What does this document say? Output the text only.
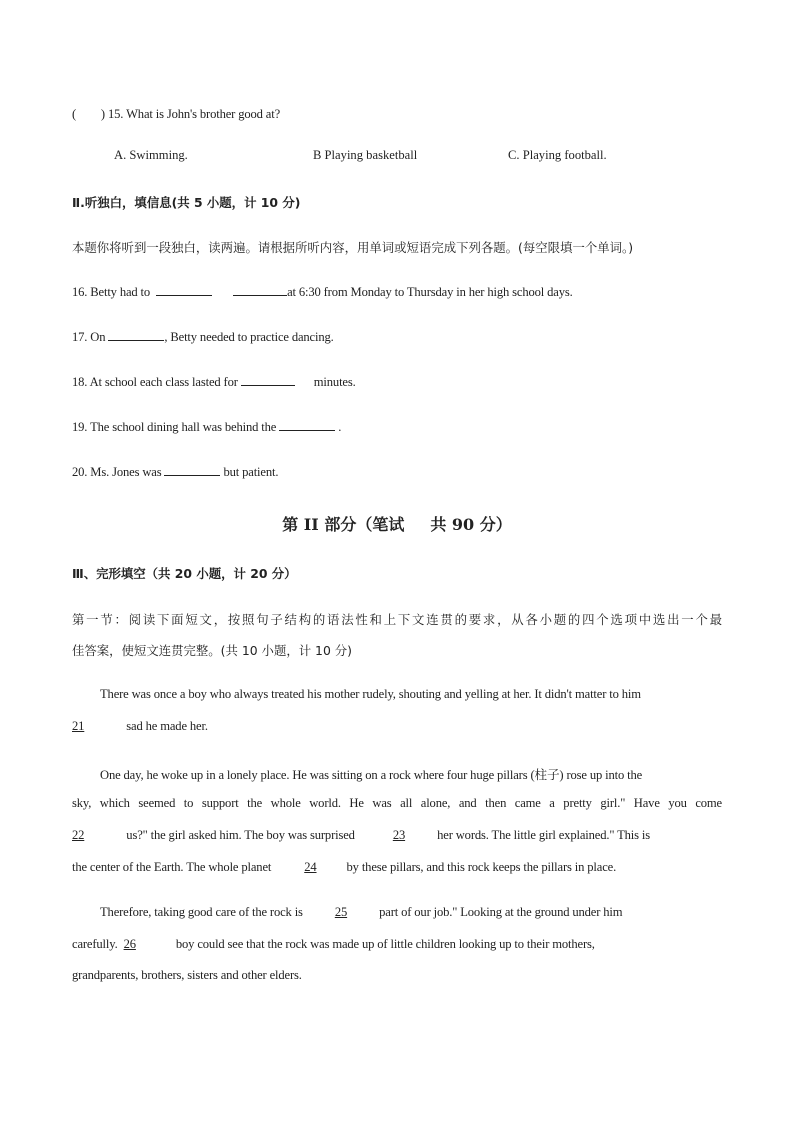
(　　) 15. What is John's brother good at?
A. Swimming.	B Playing basketball	C. Playing football.
Ⅱ.听独白，填信息(共 5 小题，计 10 分)
本题你将听到一段独白，读两遍。请根据所听内容，用单词或短语完成下列各题。(每空限填一个单词。)
16. Betty had to	at 6:30 from Monday to Thursday in her high school days.
17. On	, Betty needed to practice dancing.
18. At school each class lasted for	minutes.
19. The school dining hall was behind the	.
20. Ms. Jones was	but patient.
第 II 部分（笔试 共 90 分）
Ⅲ、完形填空（共 20 小题，计 20 分）
第一节：阅读下面短文，按照句子结构的语法性和上下文连贯的要求，从各小题的四个选项中选出一个最
佳答案，使短文连贯完整。(共 10 小题，计 10 分)
There was once a boy who always treated his mother rudely, shouting and yelling at her. It didn't matter to him
21	sad he made her.
One day, he woke up in a lonely place. He was sitting on a rock where four huge pillars (柱子) rose up into the
sky, which seemed to support the whole world. He was all alone, and then came a pretty girl." Have you come
22	us?" the girl asked him. The boy was surprised	23	her words. The little girl explained." This is
the center of the Earth. The whole planet	24 by these pillars, and this rock keeps the pillars in place.
Therefore, taking good care of the rock is	25	part of our job." Looking at the ground under him
carefully. 26	boy could see that the rock was made up of little children looking up to their mothers,
grandparents, brothers, sisters and other elders.
